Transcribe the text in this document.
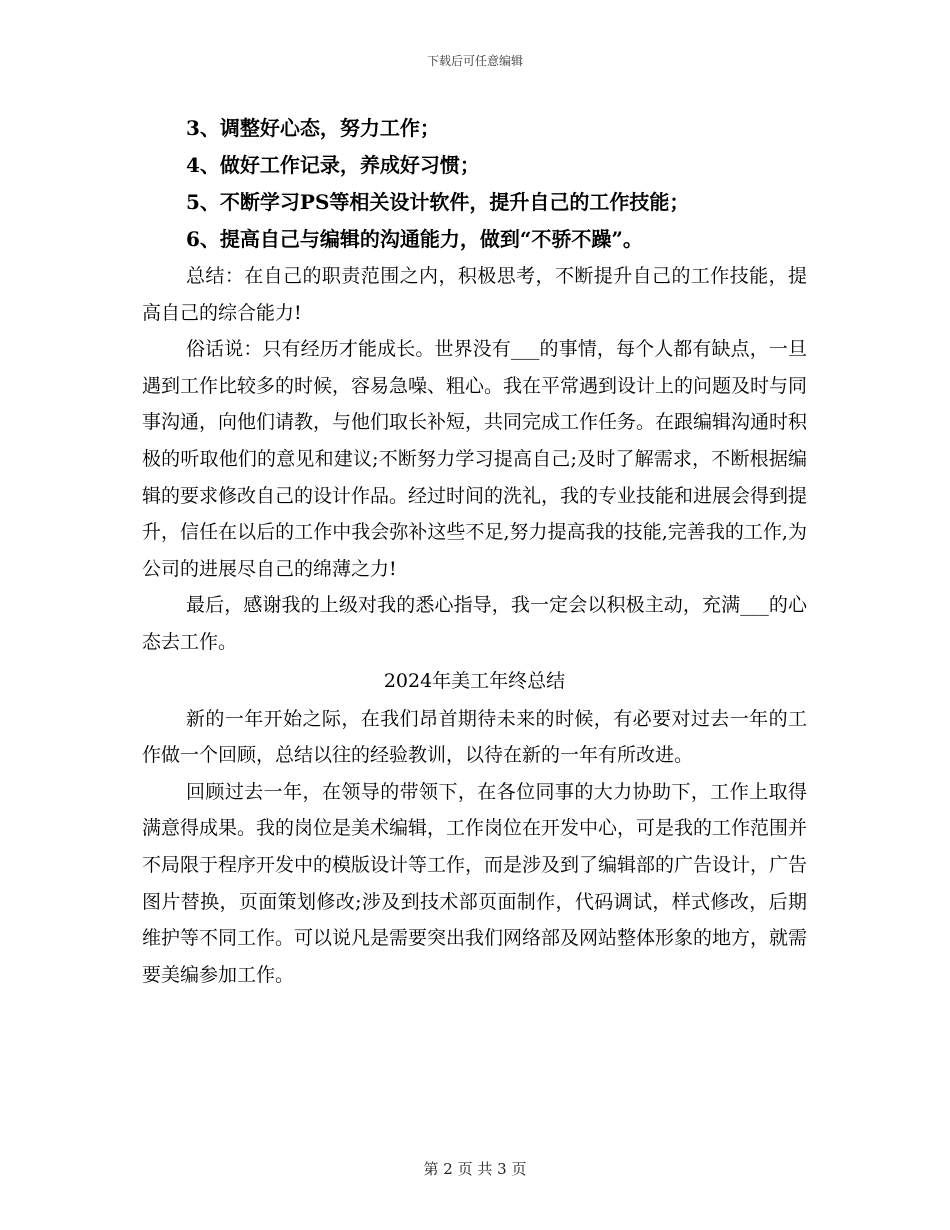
下载后可任意编辑
3、调整好心态，努力工作；
4、做好工作记录，养成好习惯；
5、不断学习PS等相关设计软件，提升自己的工作技能；
6、提高自己与编辑的沟通能力，做到“不骄不躁”。

总结：在自己的职责范围之内，积极思考，不断提升自己的工作技能，提高自己的综合能力!

俗话说：只有经历才能成长。世界没有___的事情，每个人都有缺点，一旦遇到工作比较多的时候，容易急噪、粗心。我在平常遇到设计上的问题及时与同事沟通，向他们请教，与他们取长补短，共同完成工作任务。在跟编辑沟通时积极的听取他们的意见和建议;不断努力学习提高自己;及时了解需求，不断根据编辑的要求修改自己的设计作品。经过时间的洗礼，我的专业技能和进展会得到提升，信任在以后的工作中我会弥补这些不足,努力提高我的技能,完善我的工作,为公司的进展尽自己的绵薄之力!

最后，感谢我的上级对我的悉心指导，我一定会以积极主动，充满___的心态去工作。

2024年美工年终总结

新的一年开始之际，在我们昂首期待未来的时候，有必要对过去一年的工作做一个回顾，总结以往的经验教训，以待在新的一年有所改进。

回顾过去一年，在领导的带领下，在各位同事的大力协助下，工作上取得满意得成果。我的岗位是美术编辑，工作岗位在开发中心，可是我的工作范围并不局限于程序开发中的模版设计等工作，而是涉及到了编辑部的广告设计，广告图片替换，页面策划修改;涉及到技术部页面制作，代码调试，样式修改，后期维护等不同工作。可以说凡是需要突出我们网络部及网站整体形象的地方，就需要美编参加工作。

第 2 页 共 3 页
